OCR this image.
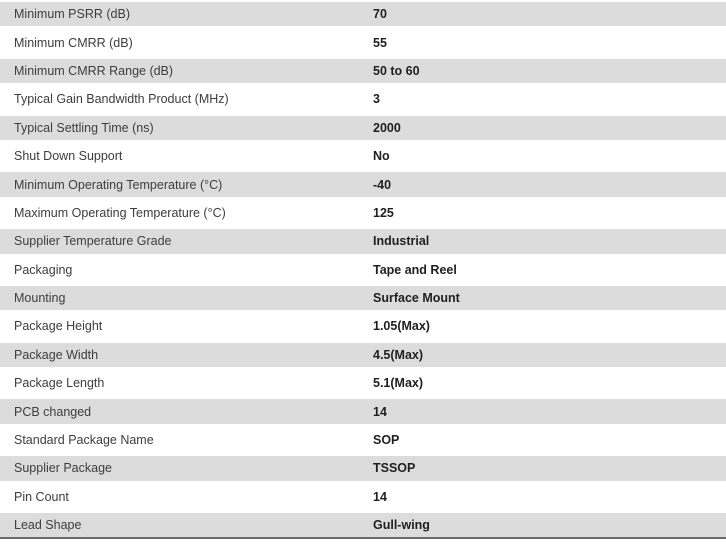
Minimum PSRR (dB)	70
Minimum CMRR (dB)	55
Minimum CMRR Range (dB)	50 to 60
Typical Gain Bandwidth Product (MHz)	3
Typical Settling Time (ns)	2000
Shut Down Support	No
Minimum Operating Temperature (°C)	-40
Maximum Operating Temperature (°C)	125
Supplier Temperature Grade	Industrial
Packaging	Tape and Reel
Mounting	Surface Mount
Package Height	1.05(Max)
Package Width	4.5(Max)
Package Length	5.1(Max)
PCB changed	14
Standard Package Name	SOP
Supplier Package	TSSOP
Pin Count	14
Lead Shape	Gull-wing
